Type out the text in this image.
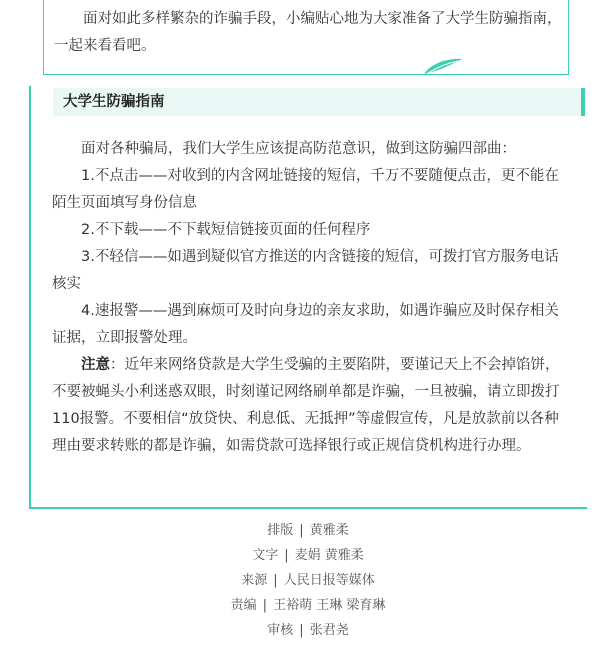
面对如此多样繁杂的诈骗手段，小编贴心地为大家准备了大学生防骗指南，一起来看看吧。

大学生防骗指南

面对各种骗局，我们大学生应该提高防范意识，做到这防骗四部曲：

1.不点击——对收到的内含网址链接的短信，千万不要随便点击，更不能在陌生页面填写身份信息

2.不下载——不下载短信链接页面的任何程序

3.不轻信——如遇到疑似官方推送的内含链接的短信，可拨打官方服务电话核实

4.速报警——遇到麻烦可及时向身边的亲友求助，如遇诈骗应及时保存相关证据，立即报警处理。

注意：近年来网络贷款是大学生受骗的主要陷阱，要谨记天上不会掉馅饼，不要被蝇头小利迷惑双眼，时刻谨记网络刷单都是诈骗，一旦被骗，请立即拨打110报警。不要相信“放贷快、利息低、无抵押”等虚假宣传，凡是放款前以各种理由要求转账的都是诈骗，如需贷款可选择银行或正规信贷机构进行办理。

排版 | 黄雅柔
文字 | 麦娟 黄雅柔
来源 | 人民日报等媒体
责编 | 王裕萌 王琳 梁育琳
审核 | 张君尧
